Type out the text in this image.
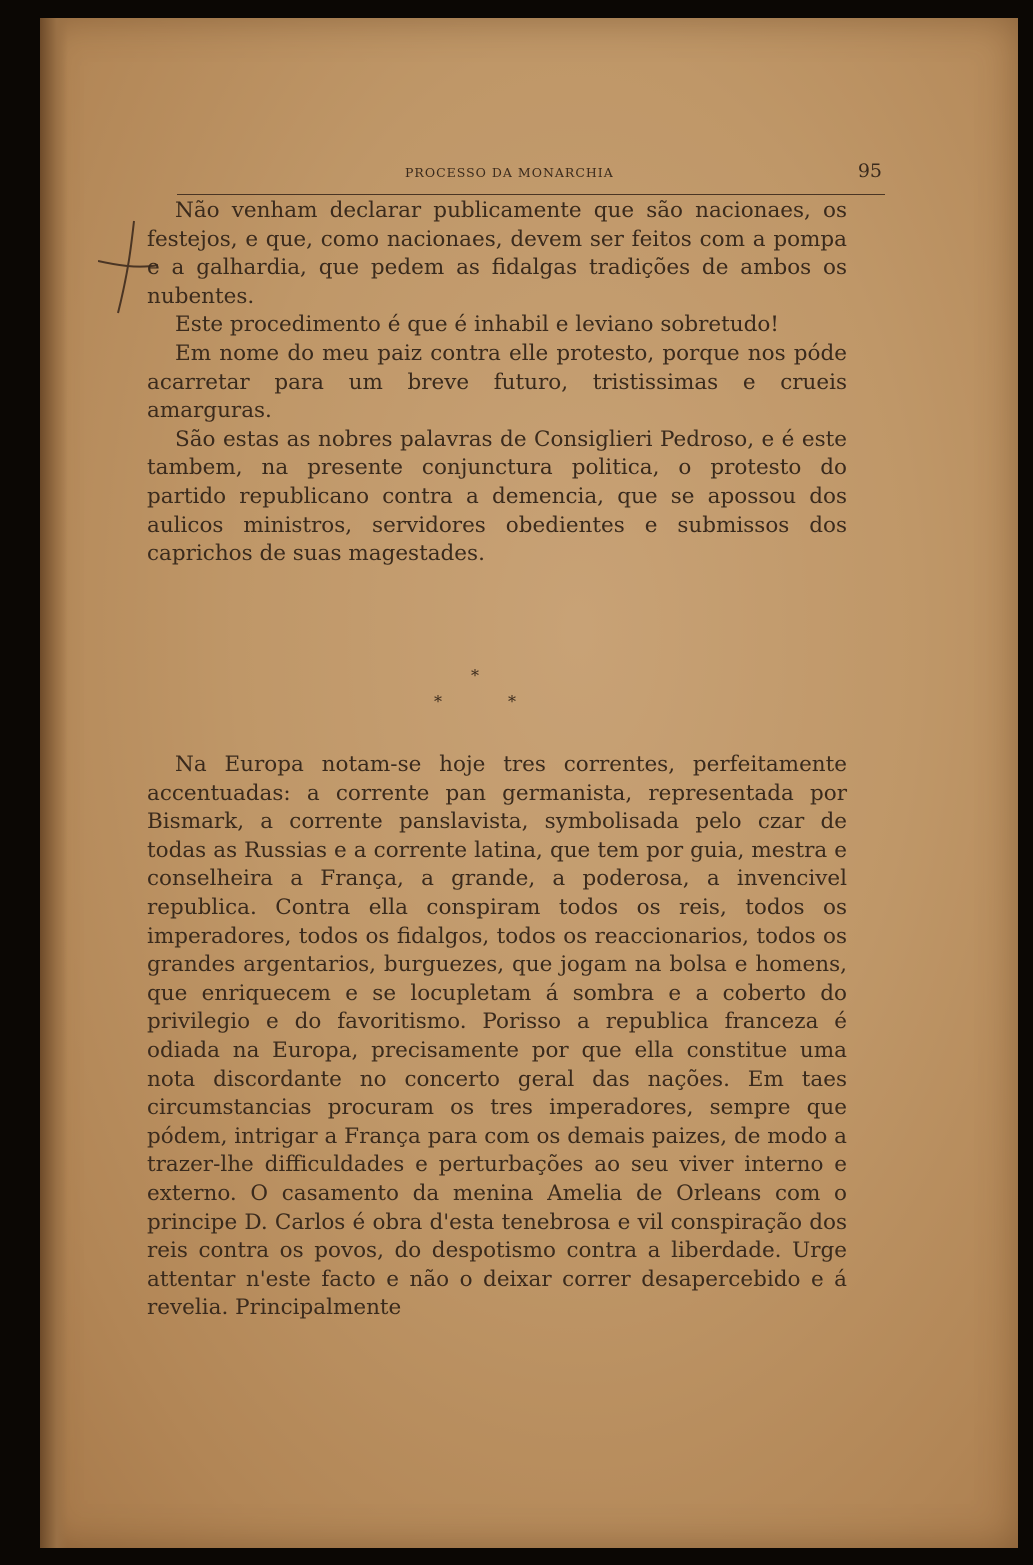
PROCESSO DA MONARCHIA	95

Não venham declarar publicamente que são nacionaes, os festejos, e que, como nacionaes, devem ser feitos com a pompa e a galhardia, que pedem as fidalgas tradições de ambos os nubentes.

Este procedimento é que é inhabil e leviano sobretudo!

Em nome do meu paiz contra elle protesto, porque nos póde acarretar para um breve futuro, tristissimas e crueis amarguras.

São estas as nobres palavras de Consiglieri Pedroso, e é este tambem, na presente conjunctura politica, o protesto do partido republicano contra a demencia, que se apossou dos aulicos ministros, servidores obedientes e submissos dos caprichos de suas magestades.

*
*	*

Na Europa notam-se hoje tres correntes, perfeitamente accentuadas: a corrente pan germanista, representada por Bismark, a corrente panslavista, symbolisada pelo czar de todas as Russias e a corrente latina, que tem por guia, mestra e conselheira a França, a grande, a poderosa, a invencivel republica. Contra ella conspiram todos os reis, todos os imperadores, todos os fidalgos, todos os reaccionarios, todos os grandes argentarios, burguezes, que jogam na bolsa e homens, que enriquecem e se locupletam á sombra e a coberto do privilegio e do favoritismo. Porisso a republica franceza é odiada na Europa, precisamente por que ella constitue uma nota discordante no concerto geral das nações. Em taes circumstancias procuram os tres imperadores, sempre que pódem, intrigar a França para com os demais paizes, de modo a trazer-lhe difficuldades e perturbações ao seu viver interno e externo. O casamento da menina Amelia de Orleans com o principe D. Carlos é obra d'esta tenebrosa e vil conspiração dos reis contra os povos, do despotismo contra a liberdade. Urge attentar n'este facto e não o deixar correr desapercebido e á revelia. Principalmente
